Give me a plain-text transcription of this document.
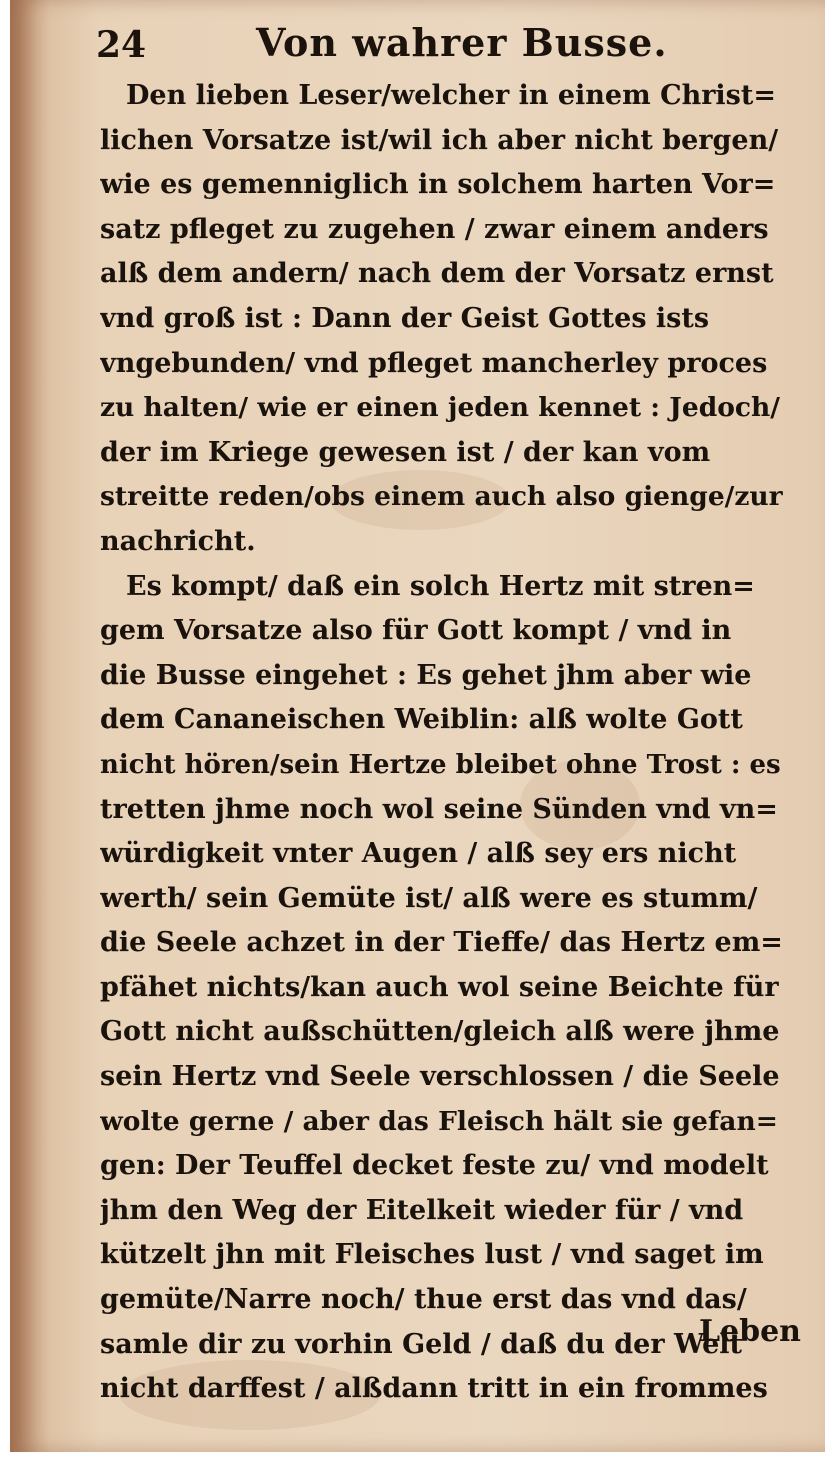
24	Von wahrer Busse.
Den lieben Leser/welcher in einem Christ=
lichen Vorsatze ist/wil ich aber nicht bergen/
wie es gemenniglich in solchem harten Vor=
satz pfleget zu zugehen / zwar einem anders
alß dem andern/ nach dem der Vorsatz ernst
vnd groß ist : Dann der Geist Gottes ists
vngebunden/ vnd pfleget mancherley proces
zu halten/ wie er einen jeden kennet : Jedoch/
der im Kriege gewesen ist / der kan vom
streitte reden/obs einem auch also gienge/zur
nachricht.
Es kompt/ daß ein solch Hertz mit stren=
gem Vorsatze also für Gott kompt / vnd in
die Busse eingehet : Es gehet jhm aber wie
dem Cananeischen Weiblin: alß wolte Gott
nicht hören/sein Hertze bleibet ohne Trost : es
tretten jhme noch wol seine Sünden vnd vn=
würdigkeit vnter Augen / alß sey ers nicht
werth/ sein Gemüte ist/ alß were es stumm/
die Seele achzet in der Tieffe/ das Hertz em=
pfähet nichts/kan auch wol seine Beichte für
Gott nicht außschütten/gleich alß were jhme
sein Hertz vnd Seele verschlossen / die Seele
wolte gerne / aber das Fleisch hält sie gefan=
gen: Der Teuffel decket feste zu/ vnd modelt
jhm den Weg der Eitelkeit wieder für / vnd
kützelt jhn mit Fleisches lust / vnd saget im
gemüte/Narre noch/ thue erst das vnd das/
samle dir zu vorhin Geld / daß du der Welt
nicht darffest / alßdann tritt in ein frommes
Leben
